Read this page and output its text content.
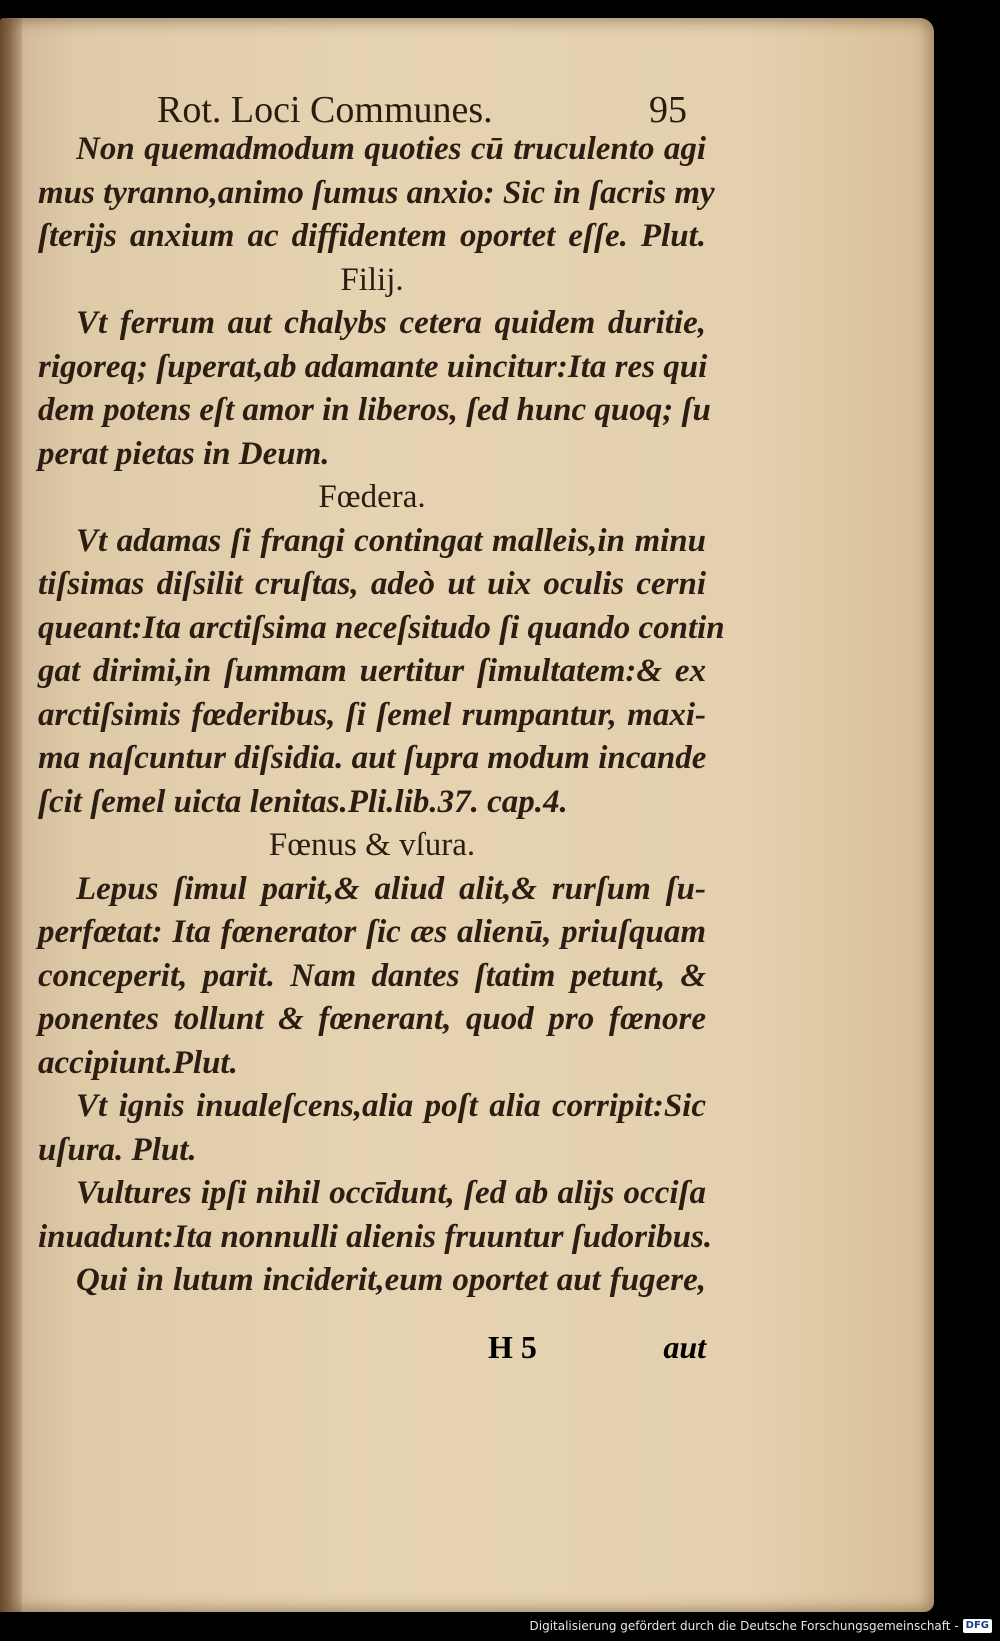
Rot. Loci Communes.	95
Non quemadmodum quoties cū truculento agi
mus tyranno,animo ſumus anxio: Sic in ſacris my
ſterijs anxium ac diffidentem oportet eſſe. Plut.
Filij.
Vt ferrum aut chalybs cetera quidem duritie,
rigoreq; ſuperat,ab adamante uincitur:Ita res qui
dem potens eſt amor in liberos, ſed hunc quoq; ſu
perat pietas in Deum.
Fœdera.
Vt adamas ſi frangi contingat malleis,in minu
tiſsimas diſsilit cruſtas, adeò ut uix oculis cerni
queant:Ita arctiſsima neceſsitudo ſi quando contin
gat dirimi,in ſummam uertitur ſimultatem:& ex
arctiſsimis fœderibus, ſi ſemel rumpantur, maxi-
ma naſcuntur diſsidia. aut ſupra modum incande
ſcit ſemel uicta lenitas.Pli.lib.37. cap.4.
Fœnus & vſura.
Lepus ſimul parit,& aliud alit,& rurſum ſu-
perfœtat: Ita fœnerator ſic æs alienū, priuſquam
conceperit, parit. Nam dantes ſtatim petunt, &
ponentes tollunt & fœnerant, quod pro fœnore
accipiunt.Plut.
Vt ignis inualeſcens,alia poſt alia corripit:Sic
uſura. Plut.
Vultures ipſi nihil occīdunt, ſed ab alijs occiſa
inuadunt:Ita nonnulli alienis fruuntur ſudoribus.
Qui in lutum inciderit,eum oportet aut fugere,
H 5	aut
Digitalisierung gefördert durch die Deutsche Forschungsgemeinschaft - DFG
